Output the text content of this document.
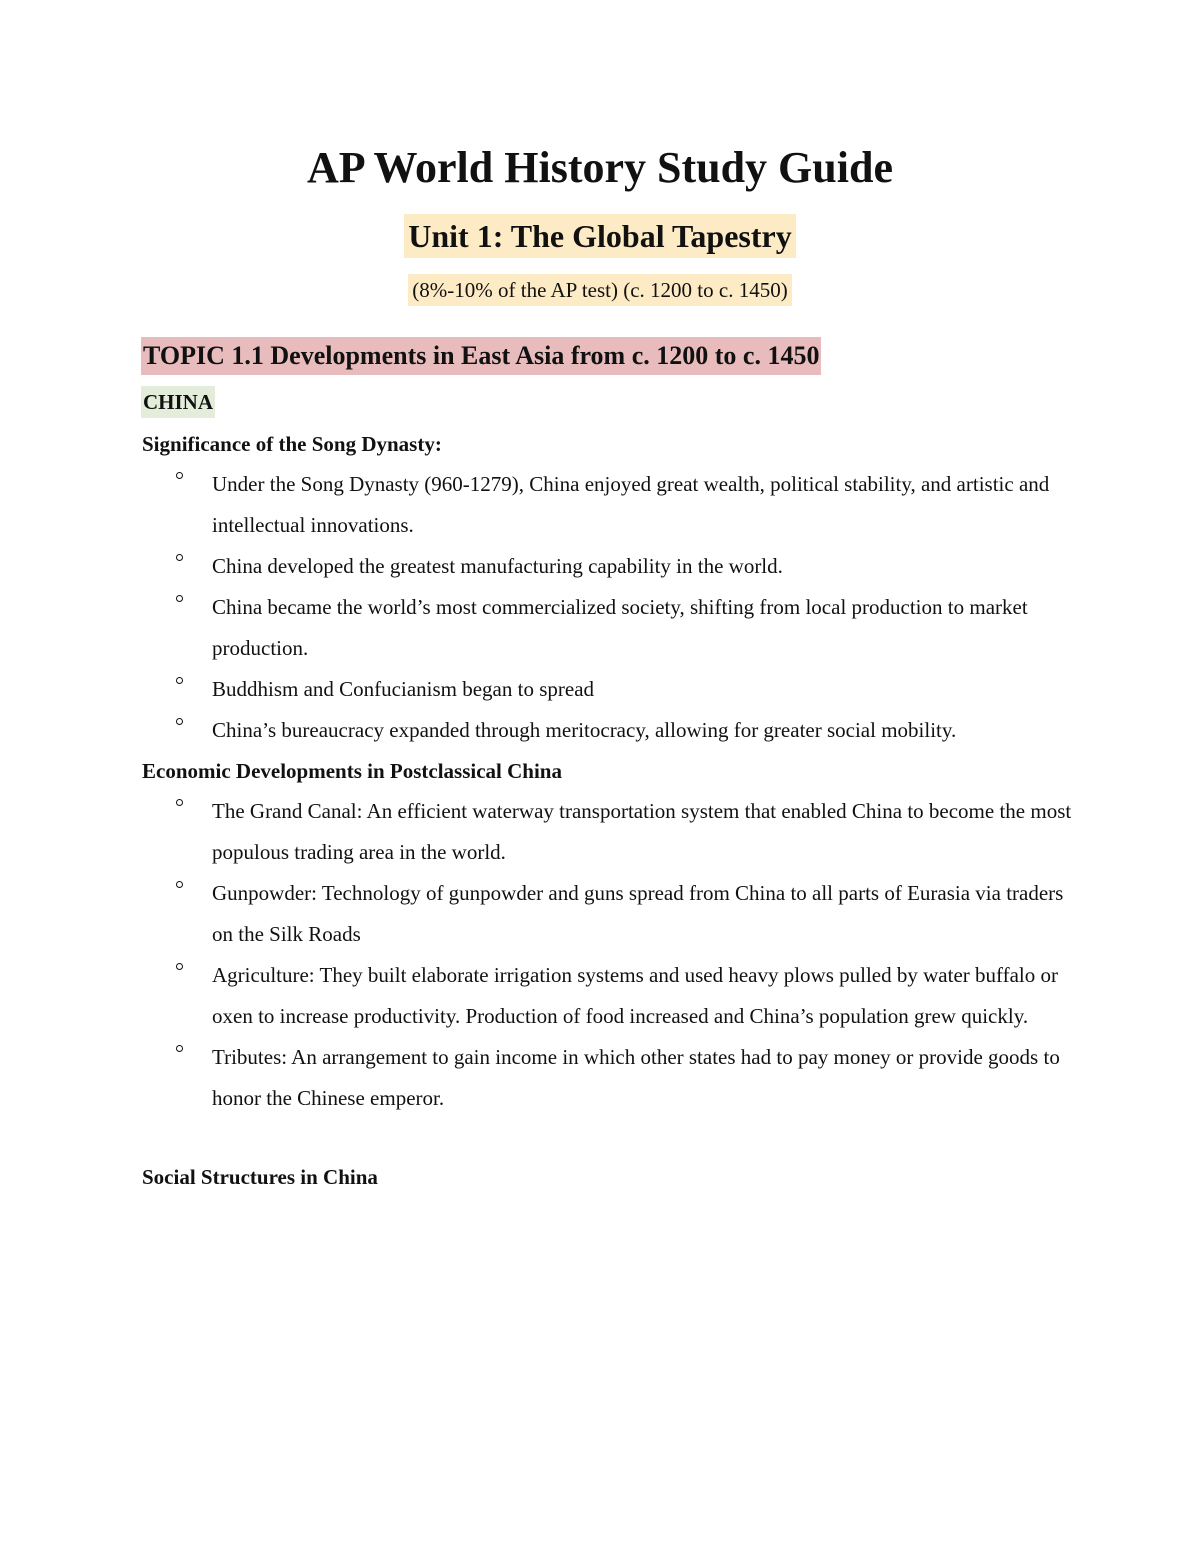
AP World History Study Guide
Unit 1: The Global Tapestry
(8%-10% of the AP test) (c. 1200 to c. 1450)
TOPIC 1.1 Developments in East Asia from c. 1200 to c. 1450
CHINA
Significance of the Song Dynasty:
Under the Song Dynasty (960-1279), China enjoyed great wealth, political stability, and artistic and intellectual innovations.
China developed the greatest manufacturing capability in the world.
China became the world’s most commercialized society, shifting from local production to market production.
Buddhism and Confucianism began to spread
China’s bureaucracy expanded through meritocracy, allowing for greater social mobility.
Economic Developments in Postclassical China
The Grand Canal: An efficient waterway transportation system that enabled China to become the most populous trading area in the world.
Gunpowder: Technology of gunpowder and guns spread from China to all parts of Eurasia via traders on the Silk Roads
Agriculture: They built elaborate irrigation systems and used heavy plows pulled by water buffalo or oxen to increase productivity. Production of food increased and China’s population grew quickly.
Tributes: An arrangement to gain income in which other states had to pay money or provide goods to honor the Chinese emperor.
Social Structures in China
